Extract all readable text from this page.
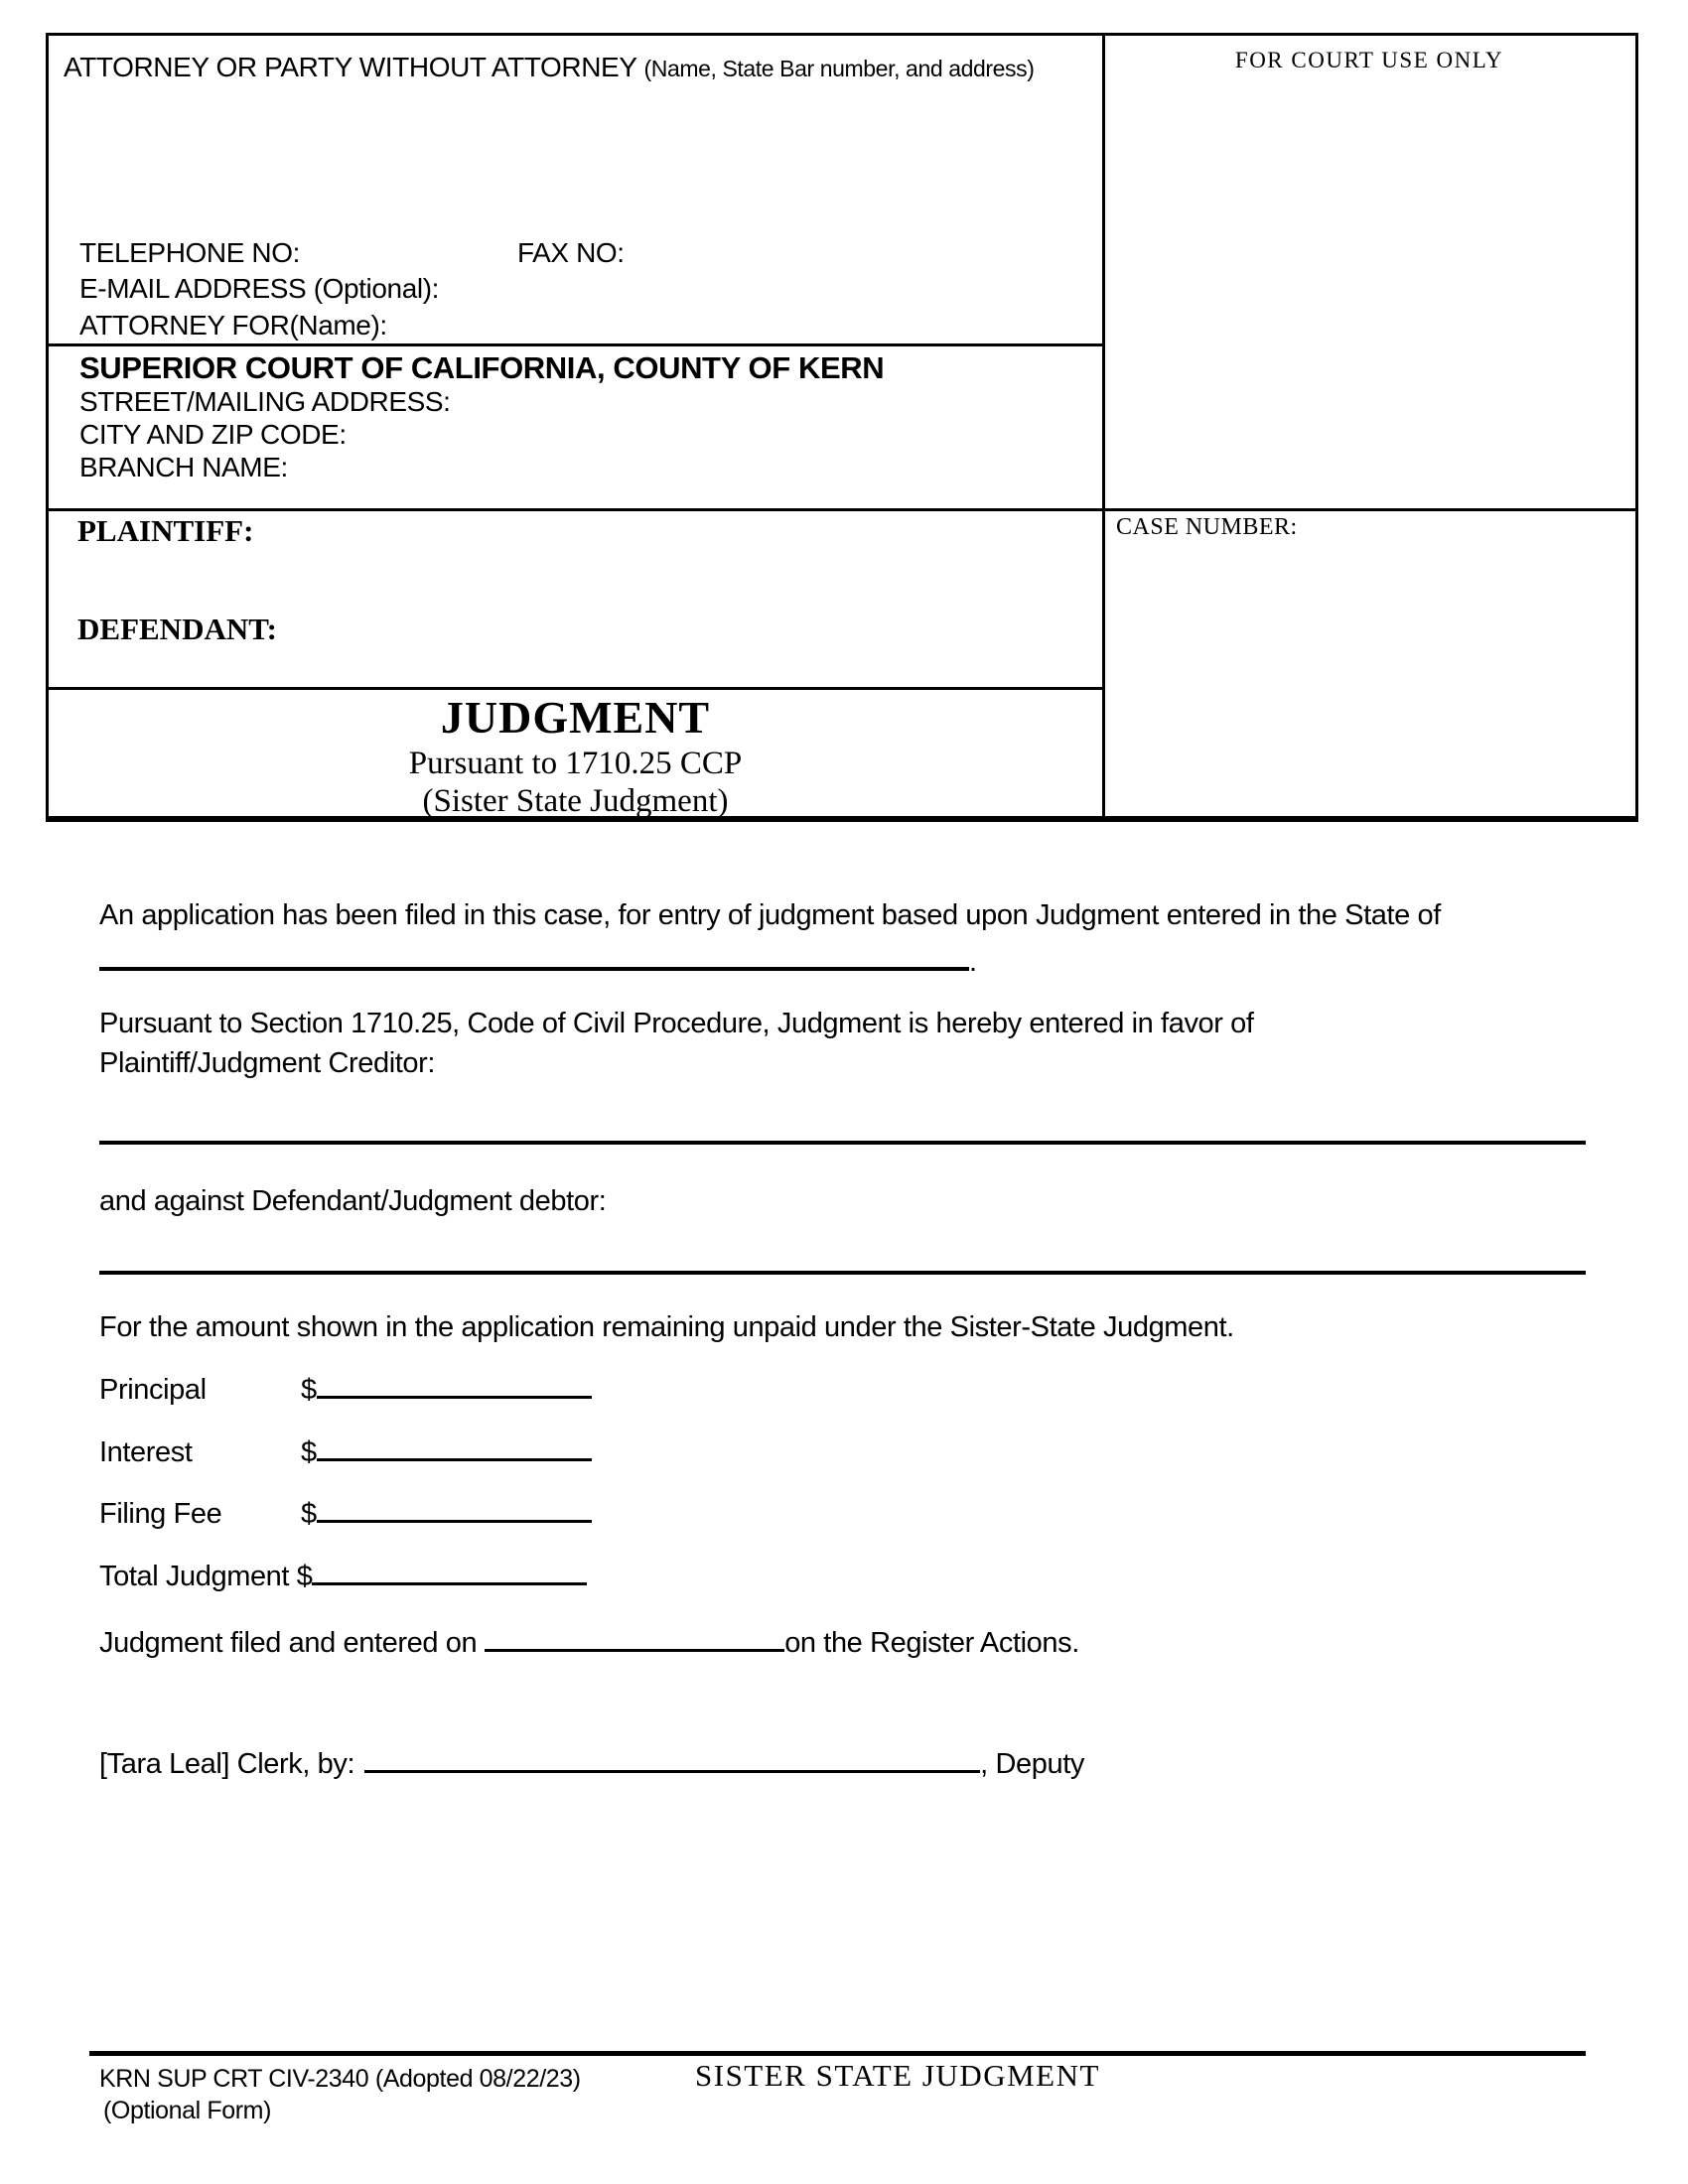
ATTORNEY OR PARTY WITHOUT ATTORNEY (Name, State Bar number, and address)
TELEPHONE NO:	FAX NO:
E-MAIL ADDRESS (Optional):
ATTORNEY FOR(Name):
SUPERIOR COURT OF CALIFORNIA, COUNTY OF KERN
STREET/MAILING ADDRESS:
CITY AND ZIP CODE:
BRANCH NAME:
FOR COURT USE ONLY
PLAINTIFF:
DEFENDANT:
CASE NUMBER:
JUDGMENT
Pursuant to 1710.25 CCP
(Sister State Judgment)
An application has been filed in this case, for entry of judgment based upon Judgment entered in the State of
.
Pursuant to Section 1710.25, Code of Civil Procedure, Judgment is hereby entered in favor of
Plaintiff/Judgment Creditor:
and against Defendant/Judgment debtor:
For the amount shown in the application remaining unpaid under the Sister-State Judgment.
Principal	$
Interest	$
Filing Fee	$
Total Judgment $
Judgment filed and entered on	on the Register Actions.
[Tara Leal] Clerk, by:	, Deputy
KRN SUP CRT CIV-2340 (Adopted 08/22/23)	SISTER STATE JUDGMENT
(Optional Form)
